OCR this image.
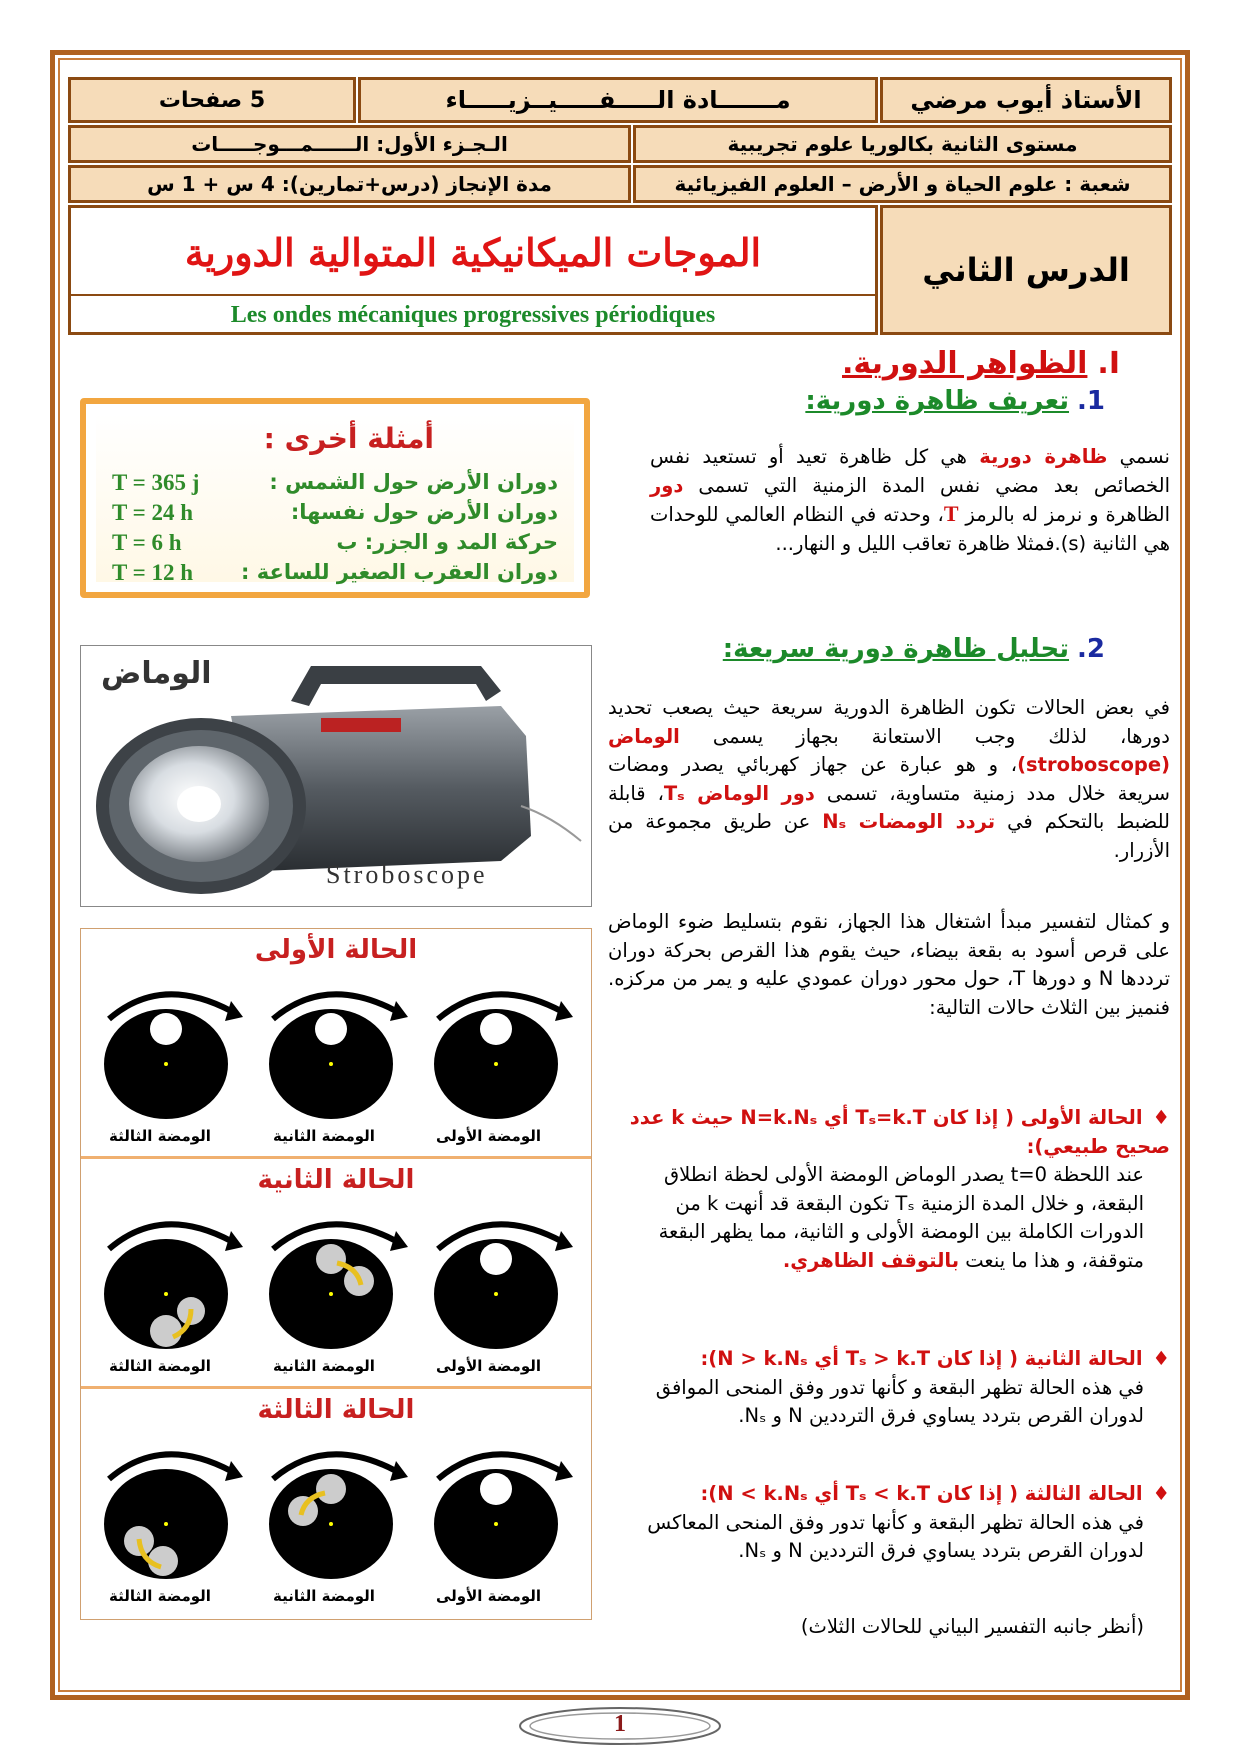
الأستاذ أيوب مرضي
مـــــــادة الـــــفـــــيــزيـــــاء
5 صفحات
مستوى الثانية بكالوريا علوم تجريبية
الـجـزء الأول: الــــــمـــوجـــــات
شعبة : علوم الحياة و الأرض – العلوم الفيزيائية
مدة الإنجاز (درس+تمارين): 4 س + 1 س
الدرس الثاني
الموجات الميكانيكية المتوالية الدورية
Les ondes mécaniques progressives périodiques
I.الظواهر الدورية.
1.تعريف ظاهرة دورية:
نسمي ظاهرة دورية هي كل ظاهرة تعيد أو تستعيد نفس الخصائص بعد مضي نفس المدة الزمنية التي تسمى دور الظاهرة و نرمز له بالرمز T، وحدته في النظام العالمي للوحدات هي الثانية (s).فمثلا ظاهرة تعاقب الليل و النهار...
أمثلة أخرى :
دوران الأرض حول الشمس :
T = 365 j
دوران الأرض حول نفسها:
T = 24 h
حركة المد و الجزر: ب
T = 6 h
دوران العقرب الصغير للساعة :
T = 12 h
2.تحليل ظاهرة دورية سريعة:
في بعض الحالات تكون الظاهرة الدورية سريعة حيث يصعب تحديد دورها، لذلك وجب الاستعانة بجهاز يسمى الوماض (stroboscope)، و هو عبارة عن جهاز كهربائي يصدر ومضات سريعة خلال مدد زمنية متساوية، تسمى دور الوماض Tₛ، قابلة للضبط بالتحكم في تردد الومضات Nₛ عن طريق مجموعة من الأزرار.
الوماض
Stroboscope
و كمثال لتفسير مبدأ اشتغال هذا الجهاز، نقوم بتسليط ضوء الوماض على قرص أسود به بقعة بيضاء، حيث يقوم هذا القرص بحركة دوران ترددها N و دورها T، حول محور دوران عمودي عليه و يمر من مركزه. فنميز بين الثلاث حالات التالية:
♦الحالة الأولى ( إذا كان Tₛ=k.T أي N=k.Nₛ حيث k عدد صحيح طبيعي):
عند اللحظة t=0 يصدر الوماض الومضة الأولى لحظة انطلاق البقعة، و خلال المدة الزمنية Tₛ تكون البقعة قد أنهت k من الدورات الكاملة بين الومضة الأولى و الثانية، مما يظهر البقعة متوقفة، و هذا ما ينعت بالتوقف الظاهري.
♦الحالة الثانية ( إذا كان Tₛ > k.T أي N > k.Nₛ):
في هذه الحالة تظهر البقعة و كأنها تدور وفق المنحى الموافق لدوران القرص بتردد يساوي فرق الترددين N و Nₛ.
♦الحالة الثالثة ( إذا كان Tₛ < k.T أي N < k.Nₛ):
في هذه الحالة تظهر البقعة و كأنها تدور وفق المنحى المعاكس لدوران القرص بتردد يساوي فرق الترددين N و Nₛ.
(أنظر جانبه التفسير البياني للحالات الثلاث)
الحالة الأولى
الومضة الأولى
الومضة الثانية
الومضة الثالثة
الحالة الثانية
الومضة الأولى
الومضة الثانية
الومضة الثالثة
الحالة الثالثة
الومضة الأولى
الومضة الثانية
الومضة الثالثة
1
